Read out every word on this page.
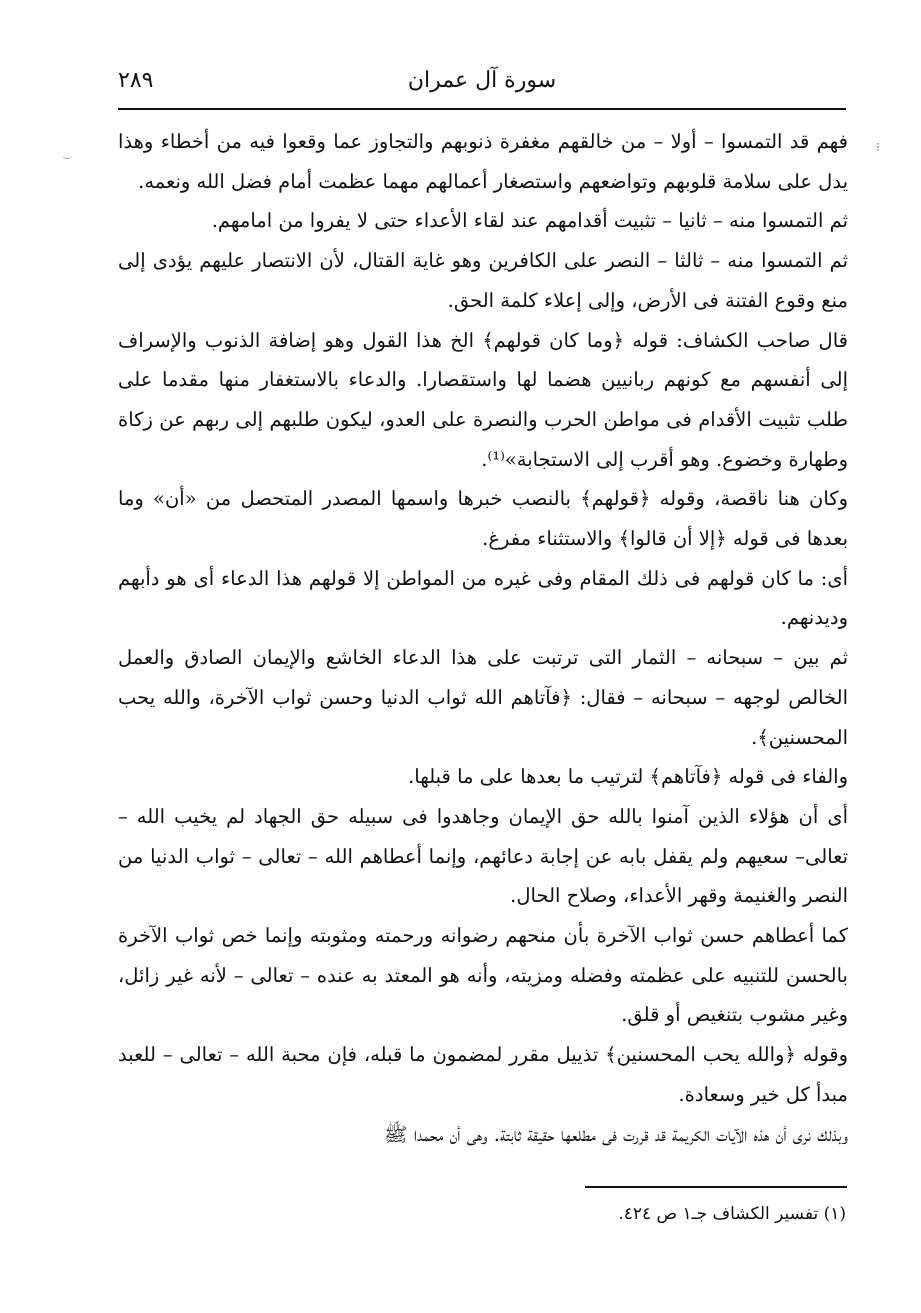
سورة آل عمران
٢٨٩
⁝

فهم قد التمسوا – أولا – من خالقهم مغفرة ذنوبهم والتجاوز عما وقعوا فيه من أخطاء وهذا يدل على سلامة قلوبهم وتواضعهم واستصغار أعمالهم مهما عظمت أمام فضل الله ونعمه.

ثم التمسوا منه – ثانيا – تثبيت أقدامهم عند لقاء الأعداء حتى لا يفروا من امامهم.

ثم التمسوا منه – ثالثا – النصر على الكافرين وهو غاية القتال، لأن الانتصار عليهم يؤدى إلى منع وقوع الفتنة فى الأرض، وإلى إعلاء كلمة الحق.

قال صاحب الكشاف: قوله ﴿وما كان قولهم﴾ الخ هذا القول وهو إضافة الذنوب والإسراف إلى أنفسهم مع كونهم ربانيين هضما لها واستقصارا. والدعاء بالاستغفار منها مقدما على طلب تثبيت الأقدام فى مواطن الحرب والنصرة على العدو، ليكون طلبهم إلى ربهم عن زكاة وطهارة وخضوع. وهو أقرب إلى الاستجابة»⁽¹⁾.

وكان هنا ناقصة، وقوله ﴿قولهم﴾ بالنصب خبرها واسمها المصدر المتحصل من «أن» وما بعدها فى قوله ﴿إلا أن قالوا﴾ والاستثناء مفرغ.

أى: ما كان قولهم فى ذلك المقام وفى غيره من المواطن إلا قولهم هذا الدعاء أى هو دأبهم وديدنهم.

ثم بين – سبحانه – الثمار التى ترتبت على هذا الدعاء الخاشع والإيمان الصادق والعمل الخالص لوجهه – سبحانه – فقال: ﴿فآتاهم الله ثواب الدنيا وحسن ثواب الآخرة، والله يحب المحسنين﴾.

والفاء فى قوله ﴿فآتاهم﴾ لترتيب ما بعدها على ما قبلها.

أى أن هؤلاء الذين آمنوا بالله حق الإيمان وجاهدوا فى سبيله حق الجهاد لم يخيب الله –تعالى– سعيهم ولم يقفل بابه عن إجابة دعائهم، وإنما أعطاهم الله – تعالى – ثواب الدنيا من النصر والغنيمة وقهر الأعداء، وصلاح الحال.

كما أعطاهم حسن ثواب الآخرة بأن منحهم رضوانه ورحمته ومثوبته وإنما خص ثواب الآخرة بالحسن للتنبيه على عظمته وفضله ومزيته، وأنه هو المعتد به عنده – تعالى – لأنه غير زائل، وغير مشوب بتنغيص أو قلق.

وقوله ﴿والله يحب المحسنين﴾ تذييل مقرر لمضمون ما قبله، فإن محبة الله – تعالى – للعبد مبدأ كل خير وسعادة.

وبذلك نرى أن هذه الآيات الكريمة قد قررت فى مطلعها حقيقة ثابتة. وهى أن محمدا ﷺ

(١) تفسير الكشاف جـ١ ص ٤٢٤.
